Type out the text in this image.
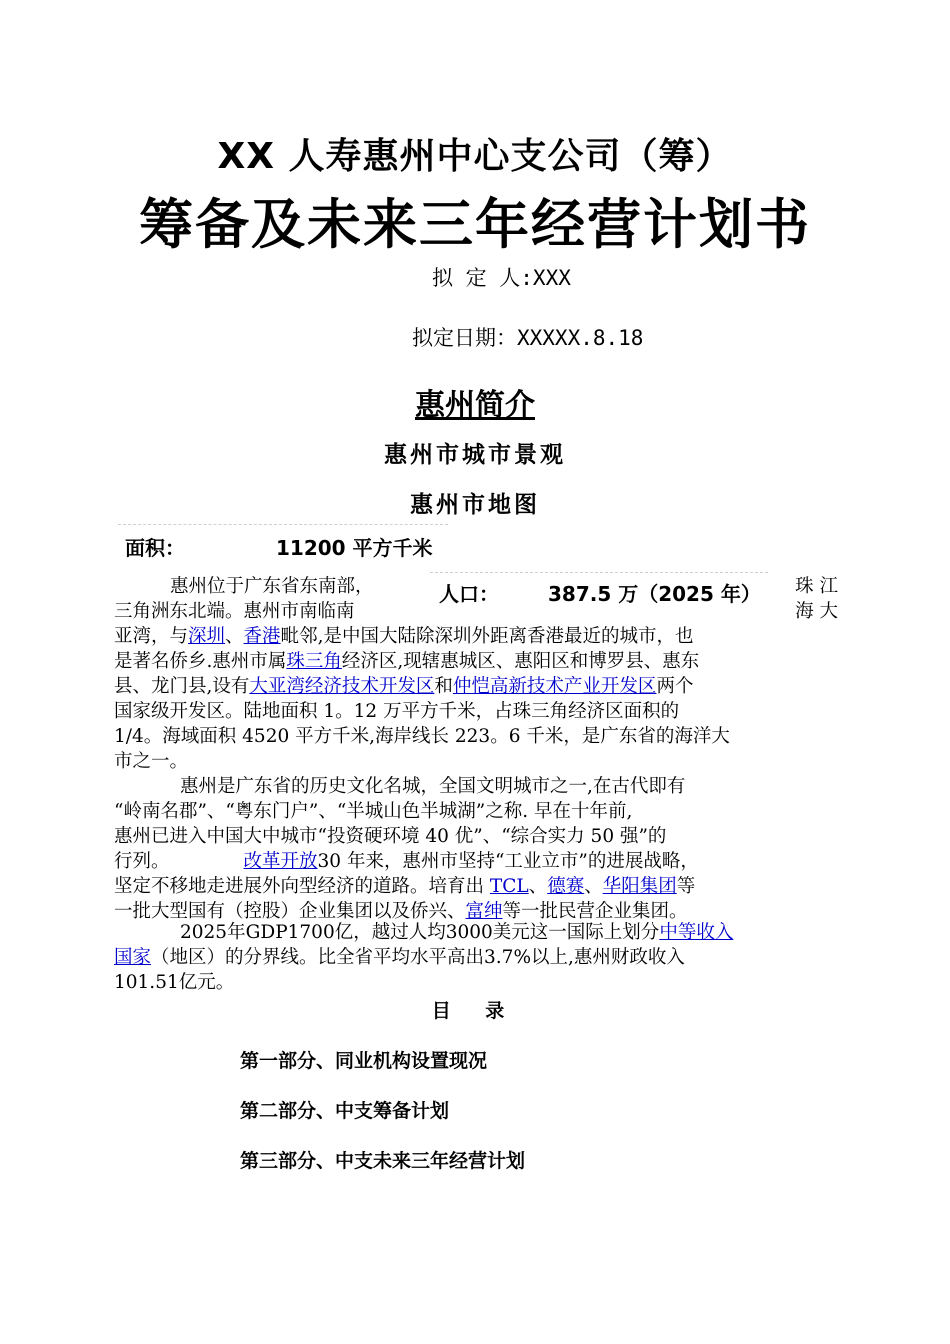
XX 人寿惠州中心支公司（筹）
筹备及未来三年经营计划书
拟 定 人:XXX
拟定日期：XXXXX.8.18
惠州简介
惠州市城市景观
惠州市地图
面积：	11200 平方千米
惠州位于广东省东南部，	珠 江
三角洲东北端。惠州市南临南	海 大
亚湾，与深圳、香港毗邻,是中国大陆除深圳外距离香港最近的城市，也
是著名侨乡.惠州市属珠三角经济区,现辖惠城区、惠阳区和博罗县、惠东
县、龙门县,设有大亚湾经济技术开发区和仲恺高新技术产业开发区两个
国家级开发区。陆地面积 1。12 万平方千米，占珠三角经济区面积的
1/4。海域面积 4520 平方千米,海岸线长 223。6 千米，是广东省的海洋大
市之一。
人口： 387.5 万（2025 年）
惠州是广东省的历史文化名城，全国文明城市之一,在古代即有
“岭南名郡”、“粤东门户”、“半城山色半城湖”之称. 早在十年前,
惠州已进入中国大中城市“投资硬环境 40 优”、“综合实力 50 强”的
行列。	改革开放30 年来，惠州市坚持“工业立市”的进展战略，
坚定不移地走进展外向型经济的道路。培育出 TCL、德赛、华阳集团等
一批大型国有（控股）企业集团以及侨兴、富绅等一批民营企业集团。
2025年GDP1700亿，越过人均3000美元这一国际上划分中等收入
国家（地区）的分界线。比全省平均水平高出3.7%以上,惠州财政收入
101.51亿元。
目 录
第一部分、同业机构设置现况
第二部分、中支筹备计划
第三部分、中支未来三年经营计划
